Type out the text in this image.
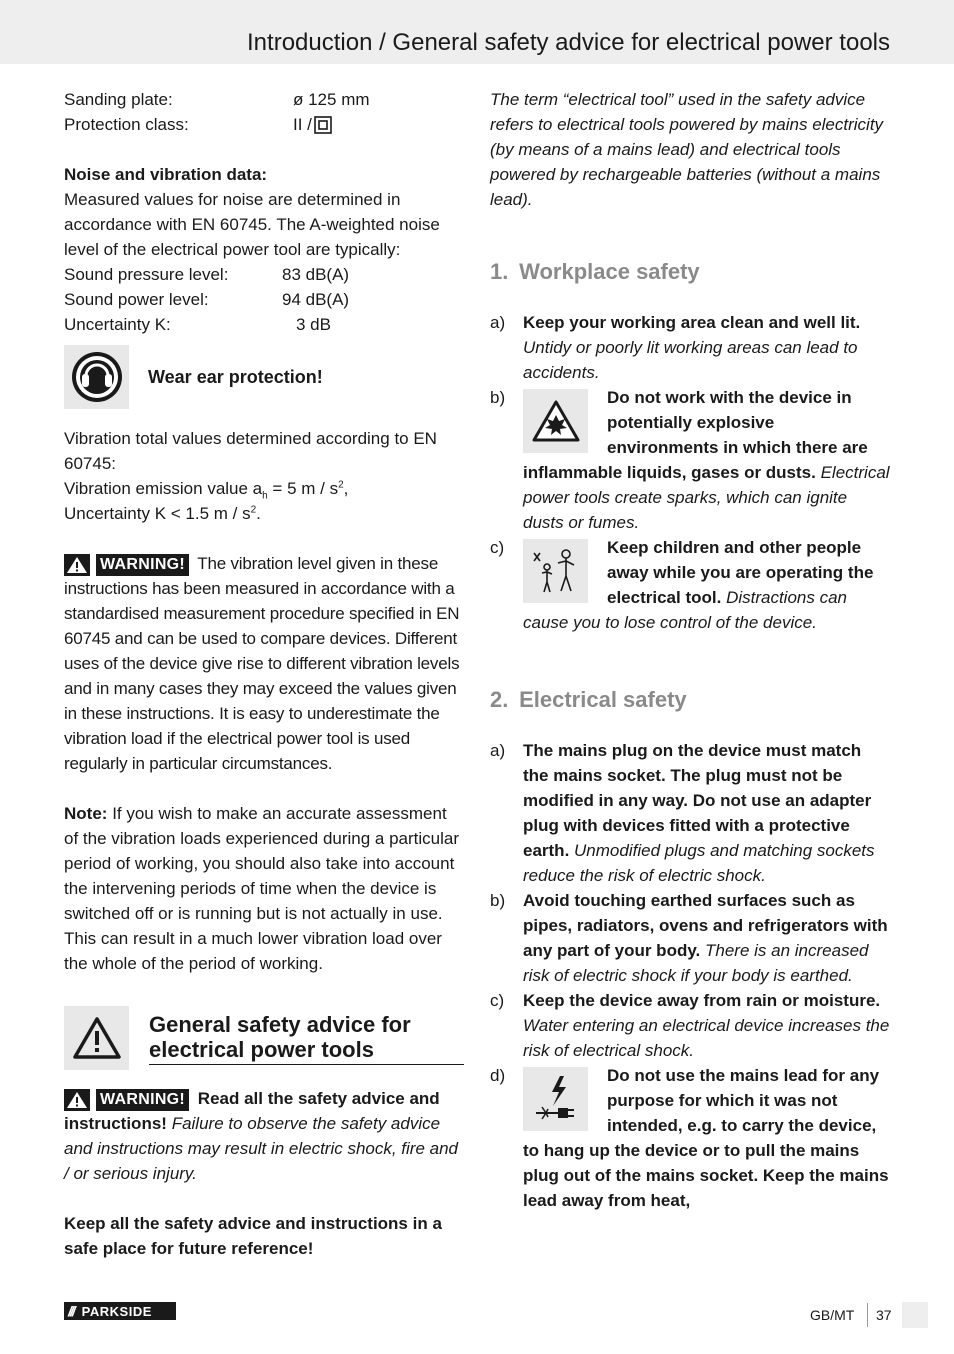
Introduction / General safety advice for electrical power tools
Sanding plate:	ø 125 mm
Protection class:	II /

Noise and vibration data:

Measured values for noise are determined in accordance with EN 60745. The A-weighted noise level of the electrical power tool are typically:

Sound pressure level:	83 dB(A)
Sound power level:	94 dB(A)
Uncertainty K:	3 dB
Wear ear protection!

Vibration total values determined according to EN 60745:

Vibration emission value $a_h = 5$ m / $s^2$,

Uncertainty K < 1.5 m / $s^2$.

WARNING! The vibration level given in these instructions has been measured in accordance with a standardised measurement procedure specified in EN 60745 and can be used to compare devices. Different uses of the device give rise to different vibration levels and in many cases they may exceed the values given in these instructions. It is easy to underestimate the vibration load if the electrical power tool is used regularly in particular circumstances.

Note: If you wish to make an accurate assessment of the vibration loads experienced during a particular period of working, you should also take into account the intervening periods of time when the device is switched off or is running but is not actually in use. This can result in a much lower vibration load over the whole of the period of working.

General safety advice for electrical power tools

WARNING! Read all the safety advice and instructions! Failure to observe the safety advice and instructions may result in electric shock, fire and / or serious injury.

Keep all the safety advice and instructions in a safe place for future reference!

The term “electrical tool” used in the safety advice refers to electrical tools powered by mains electricity (by means of a mains lead) and electrical tools powered by rechargeable batteries (without a mains lead).

1. Workplace safety
a)	Keep your working area clean and well lit. Untidy or poorly lit working areas can lead to accidents.
b)	Do not work with the device in potentially explosive environments in which there are inflammable liquids, gases or dusts. Electrical power tools create sparks, which can ignite dusts or fumes.
c)	Keep children and other people away while you are operating the electrical tool. Distractions can cause you to lose control of the device.
2. Electrical safety
a)	The mains plug on the device must match the mains socket. The plug must not be modified in any way. Do not use an adapter plug with devices fitted with a protective earth. Unmodified plugs and matching sockets reduce the risk of electric shock.
b)	Avoid touching earthed surfaces such as pipes, radiators, ovens and refrigerators with any part of your body. There is an increased risk of electric shock if your body is earthed.
c)	Keep the device away from rain or moisture. Water entering an electrical device increases the risk of electrical shock.
d)	Do not use the mains lead for any purpose for which it was not intended, e.g. to carry the device, to hang up the device or to pull the mains plug out of the mains socket. Keep the mains lead away from heat,
/// PARKSIDE	GB/MT 37
